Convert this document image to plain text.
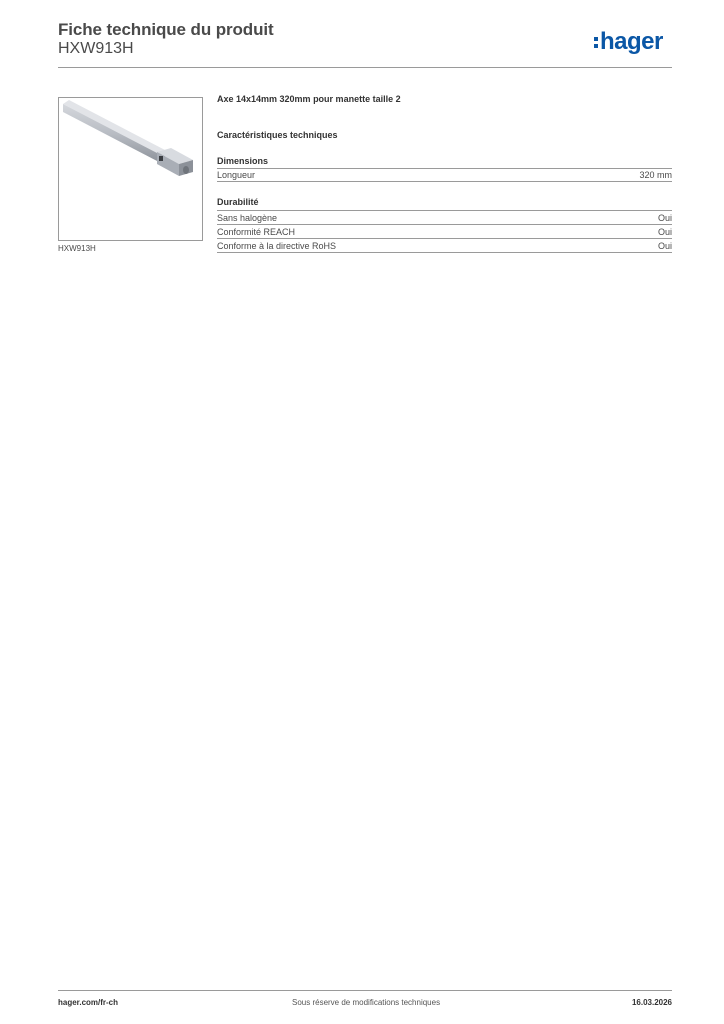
Fiche technique du produit
HXW913H	hager
HXW913H

Axe 14x14mm 320mm pour manette taille 2

Caractéristiques techniques
Dimensions
Longueur	320 mm
Durabilité
Sans halogène	Oui
Conformité REACH	Oui
Conforme à la directive RoHS	Oui
hager.com/fr-ch	Sous réserve de modifications techniques	16.03.2026
